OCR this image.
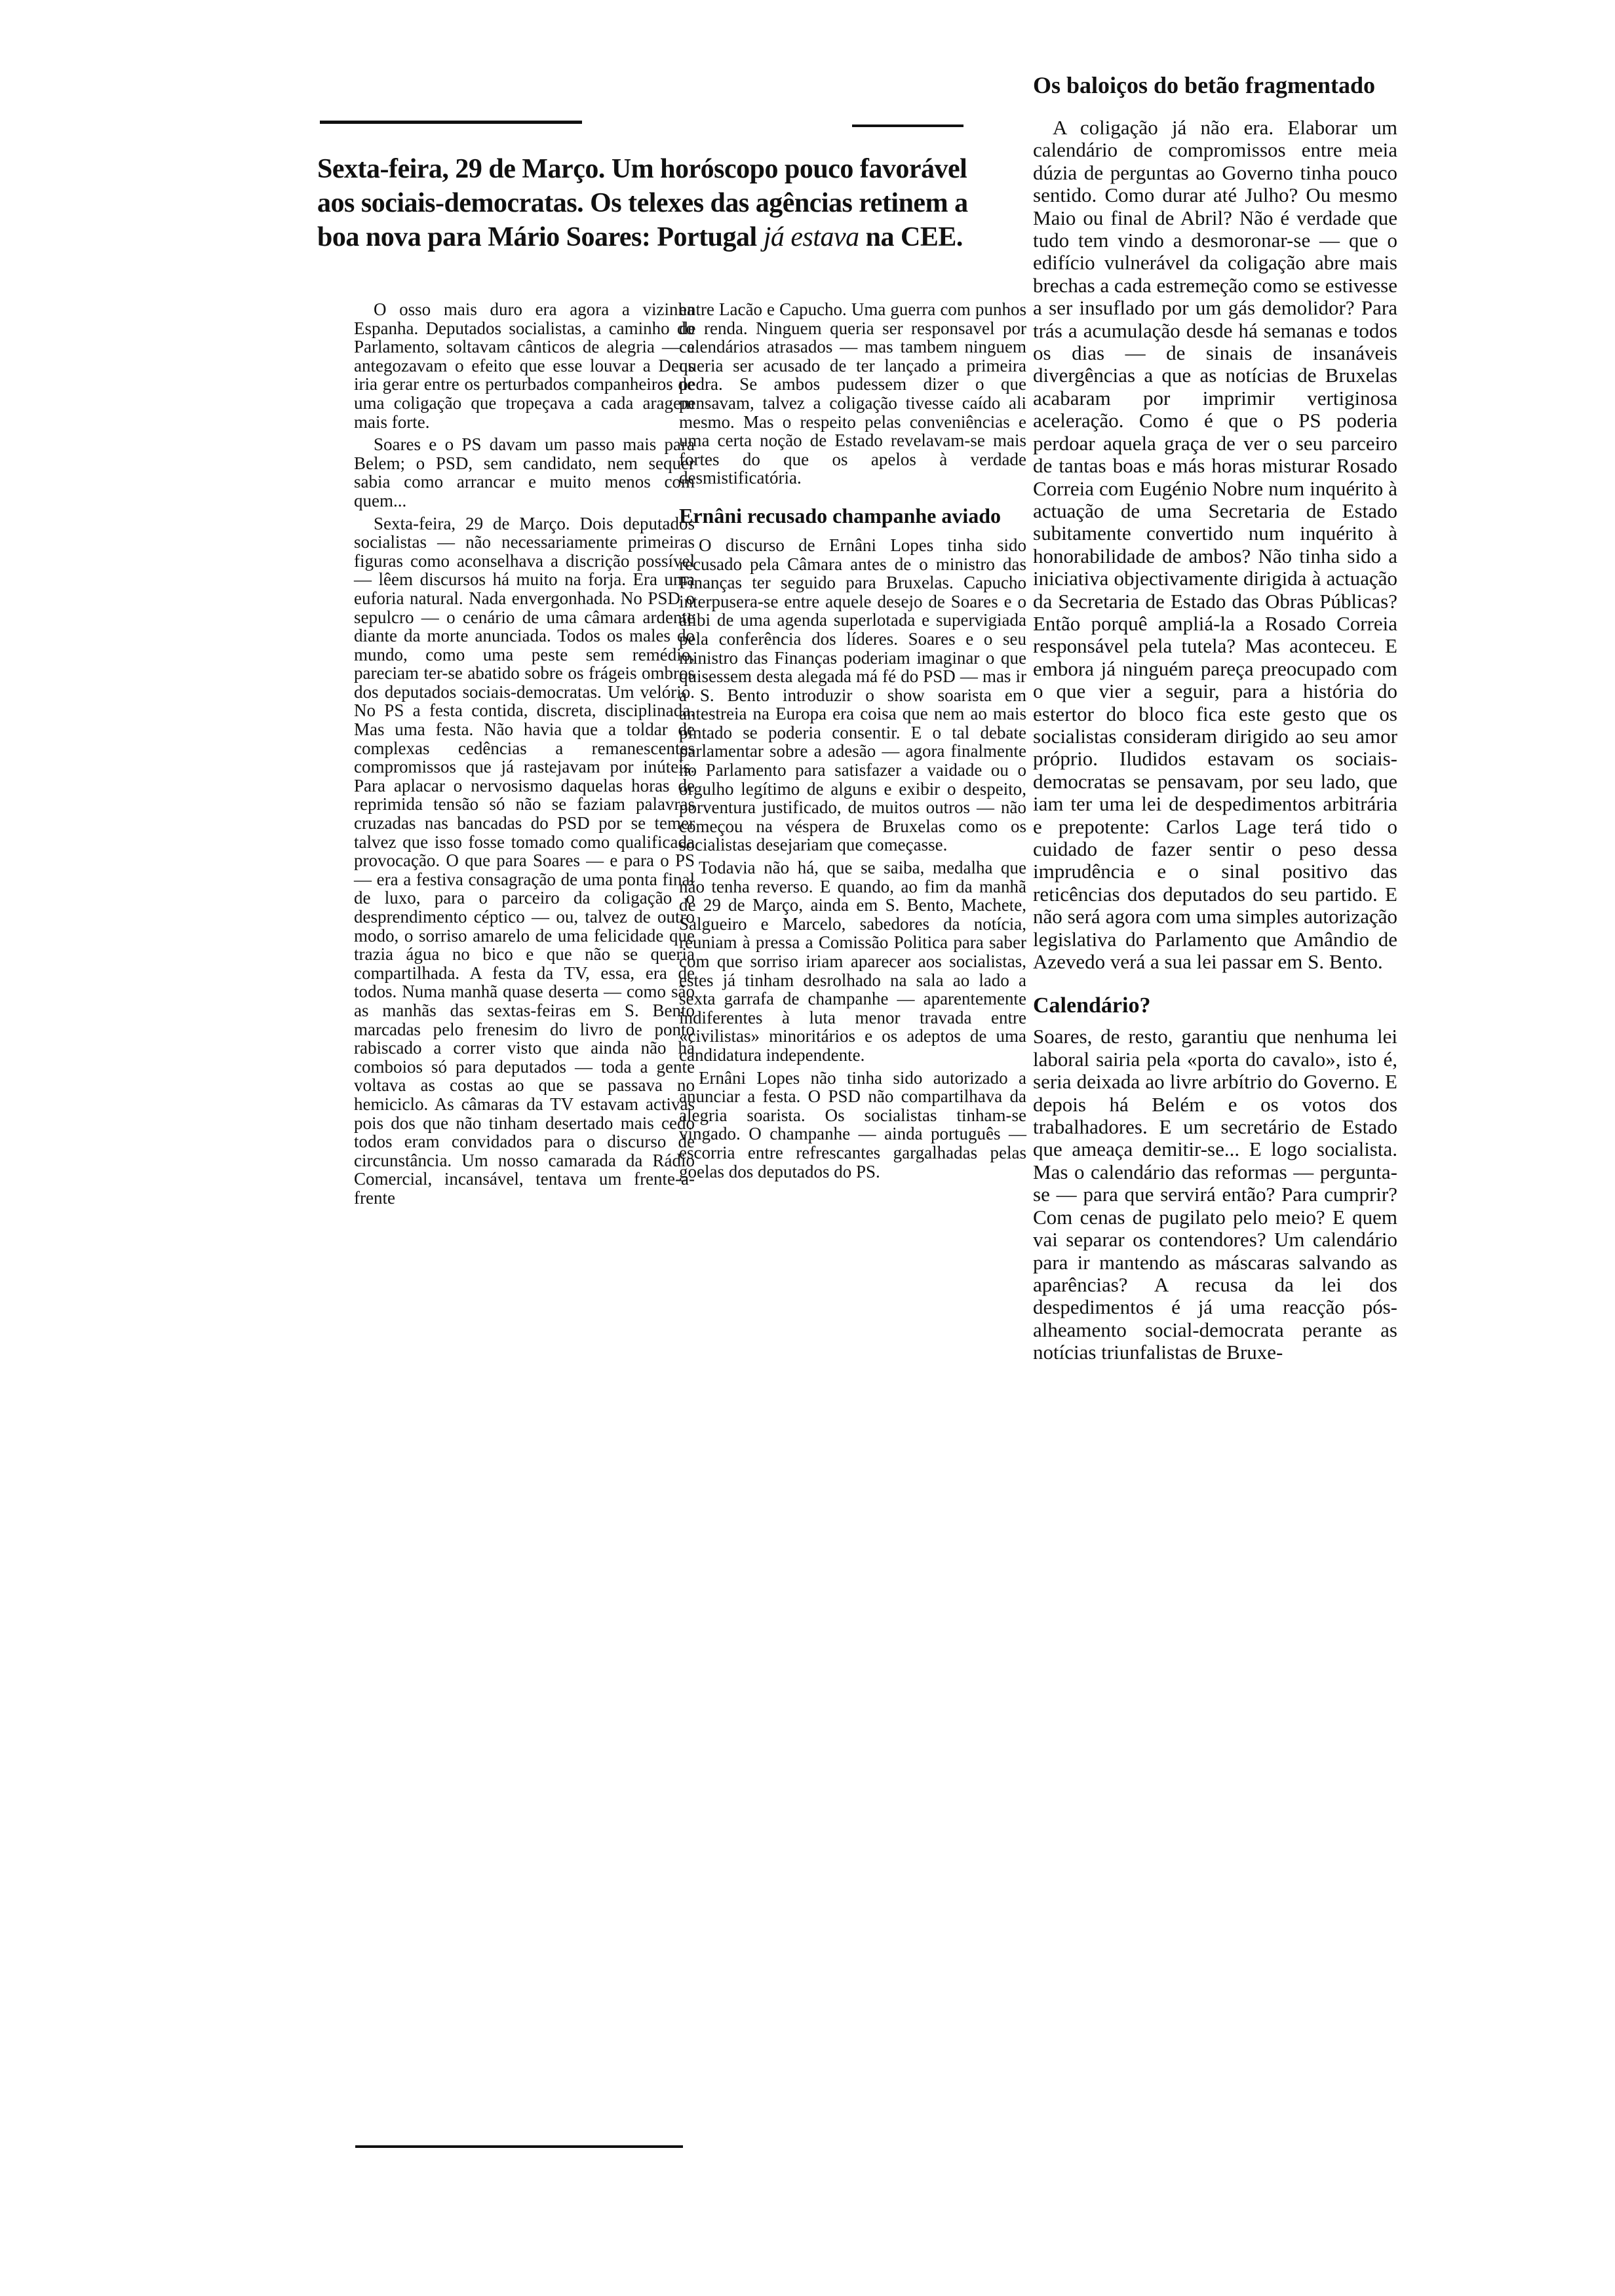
Sexta-feira, 29 de Março. Um horóscopo pouco favorável aos sociais-democratas. Os telexes das agências retinem a boa nova para Mário Soares: Portugal já estava na CEE.

O osso mais duro era agora a vizinha Espanha. Deputados socialistas, a caminho do Parlamento, soltavam cânticos de alegria — e antegozavam o efeito que esse louvar a Deus iria gerar entre os perturbados companheiros de uma coligação que tropeçava a cada aragem mais forte.

Soares e o PS davam um passo mais para Belem; o PSD, sem candidato, nem sequer sabia como arrancar e muito menos com quem...

Sexta-feira, 29 de Março. Dois deputados socialistas — não necessariamente primeiras figuras como aconselhava a discrição possível — lêem discursos há muito na forja. Era uma euforia natural. Nada envergonhada. No PSD o sepulcro — o cenário de uma câmara ardente diante da morte anunciada. Todos os males do mundo, como uma peste sem remédio, pareciam ter-se abatido sobre os frágeis ombros dos deputados sociais-democratas. Um velório. No PS a festa contida, discreta, disciplinada. Mas uma festa. Não havia que a toldar de complexas cedências a remanescentes compromissos que já rastejavam por inúteis. Para aplacar o nervosismo daquelas horas de reprimida tensão só não se faziam palavras cruzadas nas bancadas do PSD por se temer talvez que isso fosse tomado como qualificada provocação. O que para Soares — e para o PS — era a festiva consagração de uma ponta final de luxo, para o parceiro da coligação o desprendimento céptico — ou, talvez de outro modo, o sorriso amarelo de uma felicidade que trazia água no bico e que não se queria compartilhada. A festa da TV, essa, era de todos. Numa manhã quase deserta — como são as manhãs das sextas-feiras em S. Bento marcadas pelo frenesim do livro de ponto rabiscado a correr visto que ainda não há comboios só para deputados — toda a gente voltava as costas ao que se passava no hemiciclo. As câmaras da TV estavam activas pois dos que não tinham desertado mais cedo todos eram convidados para o discurso de circunstância. Um nosso camarada da Rádio Comercial, incansável, tentava um frente-a-frente

entre Lacão e Capucho. Uma guerra com punhos de renda. Ninguem queria ser responsavel por calendários atrasados — mas tambem ninguem queria ser acusado de ter lançado a primeira pedra. Se ambos pudessem dizer o que pensavam, talvez a coligação tivesse caído ali mesmo. Mas o respeito pelas conveniências e uma certa noção de Estado revelavam-se mais fortes do que os apelos à verdade desmistificatória.

Ernâni recusado champanhe aviado

O discurso de Ernâni Lopes tinha sido recusado pela Câmara antes de o ministro das Finanças ter seguido para Bruxelas. Capucho interpusera-se entre aquele desejo de Soares e o álibi de uma agenda superlotada e supervigiada pela conferência dos líderes. Soares e o seu ministro das Finanças poderiam imaginar o que quisessem desta alegada má fé do PSD — mas ir a S. Bento introduzir o show soarista em antestreia na Europa era coisa que nem ao mais pintado se poderia consentir. E o tal debate parlamentar sobre a adesão — agora finalmente no Parlamento para satisfazer a vaidade ou o orgulho legítimo de alguns e exibir o despeito, porventura justificado, de muitos outros — não começou na véspera de Bruxelas como os socialistas desejariam que começasse.

Todavia não há, que se saiba, medalha que não tenha reverso. E quando, ao fim da manhã de 29 de Março, ainda em S. Bento, Machete, Salgueiro e Marcelo, sabedores da notícia, reuniam à pressa a Comissão Politica para saber com que sorriso iriam aparecer aos socialistas, estes já tinham desrolhado na sala ao lado a sexta garrafa de champanhe — aparentemente indiferentes à luta menor travada entre «civilistas» minoritários e os adeptos de uma candidatura independente.

Ernâni Lopes não tinha sido autorizado a anunciar a festa. O PSD não compartilhava da alegria soarista. Os socialistas tinham-se vingado. O champanhe — ainda português — escorria entre refrescantes gargalhadas pelas goelas dos deputados do PS.

Os baloiços do betão fragmentado

A coligação já não era. Elaborar um calendário de compromissos entre meia dúzia de perguntas ao Governo tinha pouco sentido. Como durar até Julho? Ou mesmo Maio ou final de Abril? Não é verdade que tudo tem vindo a desmoronar-se — que o edifício vulnerável da coligação abre mais brechas a cada estremeção como se estivesse a ser insuflado por um gás demolidor? Para trás a acumulação desde há semanas e todos os dias — de sinais de insanáveis divergências a que as notícias de Bruxelas acabaram por imprimir vertiginosa aceleração. Como é que o PS poderia perdoar aquela graça de ver o seu parceiro de tantas boas e más horas misturar Rosado Correia com Eugénio Nobre num inquérito à actuação de uma Secretaria de Estado subitamente convertido num inquérito à honorabilidade de ambos? Não tinha sido a iniciativa objectivamente dirigida à actuação da Secretaria de Estado das Obras Públicas? Então porquê ampliá-la a Rosado Correia responsável pela tutela? Mas aconteceu. E embora já ninguém pareça preocupado com o que vier a seguir, para a história do estertor do bloco fica este gesto que os socialistas consideram dirigido ao seu amor próprio. Iludidos estavam os sociais-democratas se pensavam, por seu lado, que iam ter uma lei de despedimentos arbitrária e prepotente: Carlos Lage terá tido o cuidado de fazer sentir o peso dessa imprudência e o sinal positivo das reticências dos deputados do seu partido. E não será agora com uma simples autorização legislativa do Parlamento que Amândio de Azevedo verá a sua lei passar em S. Bento.

Calendário?

Soares, de resto, garantiu que nenhuma lei laboral sairia pela «porta do cavalo», isto é, seria deixada ao livre arbítrio do Governo. E depois há Belém e os votos dos trabalhadores. E um secretário de Estado que ameaça demitir-se... E logo socialista. Mas o calendário das reformas — pergunta-se — para que servirá então? Para cumprir? Com cenas de pugilato pelo meio? E quem vai separar os contendores? Um calendário para ir mantendo as máscaras salvando as aparências? A recusa da lei dos despedimentos é já uma reacção pós-alheamento social-democrata perante as notícias triunfalistas de Bruxe-
